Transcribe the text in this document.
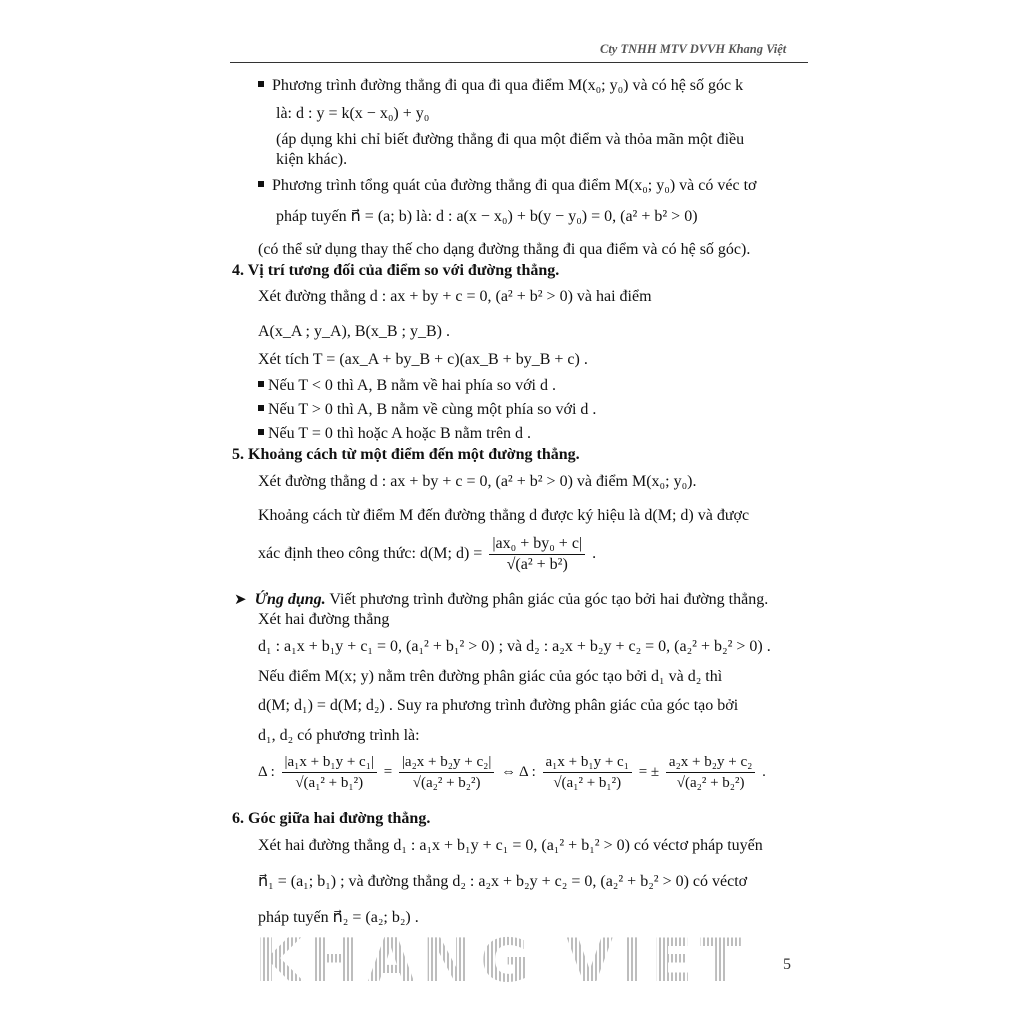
Cty TNHH MTV DVVH Khang Việt
Phương trình đường thẳng đi qua đi qua điểm M(x₀; y₀) và có hệ số góc k
là: d : y = k(x − x₀) + y₀
(áp dụng khi chỉ biết đường thẳng đi qua một điểm và thỏa mãn một điều
kiện khác).
Phương trình tổng quát của đường thẳng đi qua điểm M(x₀; y₀) và có véc tơ
pháp tuyến n⃗ = (a; b) là: d : a(x − x₀) + b(y − y₀) = 0, (a² + b² > 0)
(có thể sử dụng thay thế cho dạng đường thẳng đi qua điểm và có hệ số góc).
4. Vị trí tương đối của điểm so với đường thẳng.
Xét đường thẳng d : ax + by + c = 0, (a² + b² > 0) và hai điểm
A(x_A ; y_A), B(x_B ; y_B) .
Xét tích T = (ax_A + by_B + c)(ax_B + by_B + c) .
Nếu T < 0 thì A, B nằm về hai phía so với d .
Nếu T > 0 thì A, B nằm về cùng một phía so với d .
Nếu T = 0 thì hoặc A hoặc B nằm trên d .
5. Khoảng cách từ một điểm đến một đường thẳng.
Xét đường thẳng d : ax + by + c = 0, (a² + b² > 0) và điểm M(x₀; y₀).
Khoảng cách từ điểm M đến đường thẳng d được ký hiệu là d(M; d) và được
xác định theo công thức: d(M; $d) = \frac{\text{|ax₀ + by₀ + c|}}{\text{√(a² + b²)}}$ .
➤ Ứng dụng. Viết phương trình đường phân giác của góc tạo bởi hai đường thẳng.
Xét hai đường thẳng
d₁ : a₁x + b₁y + c₁ = 0, (a₁² + b₁² > 0) ; và d₂ : a₂x + b₂y + c₂ = 0, (a₂² + b₂² > 0) .
Nếu điểm M(x; y) nằm trên đường phân giác của góc tạo bởi d₁ và d₂ thì
d(M; d₁) = d(M; d₂) . Suy ra phương trình đường phân giác của góc tạo bởi
d₁, d₂ có phương trình là:
Δ : $\frac{\text{|a₁x + b₁y + c₁|}}{\text{√(a₁² + b₁²)}} = \frac{\text{|a₂x + b₂y + c₂|}}{\text{√(a₂² + b₂²)}}$ ⇔ Δ : $\frac{\text{a₁x + b₁y + c₁}}{\text{√(a₁² + b₁²)}}$ = ± $\frac{\text{a₂x + b₂y + c₂}}{\text{√(a₂² + b₂²)}}$ .
6. Góc giữa hai đường thẳng.
Xét hai đường thẳng d₁ : a₁x + b₁y + c₁ = 0, (a₁² + b₁² > 0) có véctơ pháp tuyến
n⃗₁ = (a₁; b₁) ; và đường thẳng d₂ : a₂x + b₂y + c₂ = 0, (a₂² + b₂² > 0) có véctơ
pháp tuyến n⃗₂ = (a₂; b₂) .
KHANG VIET 5
